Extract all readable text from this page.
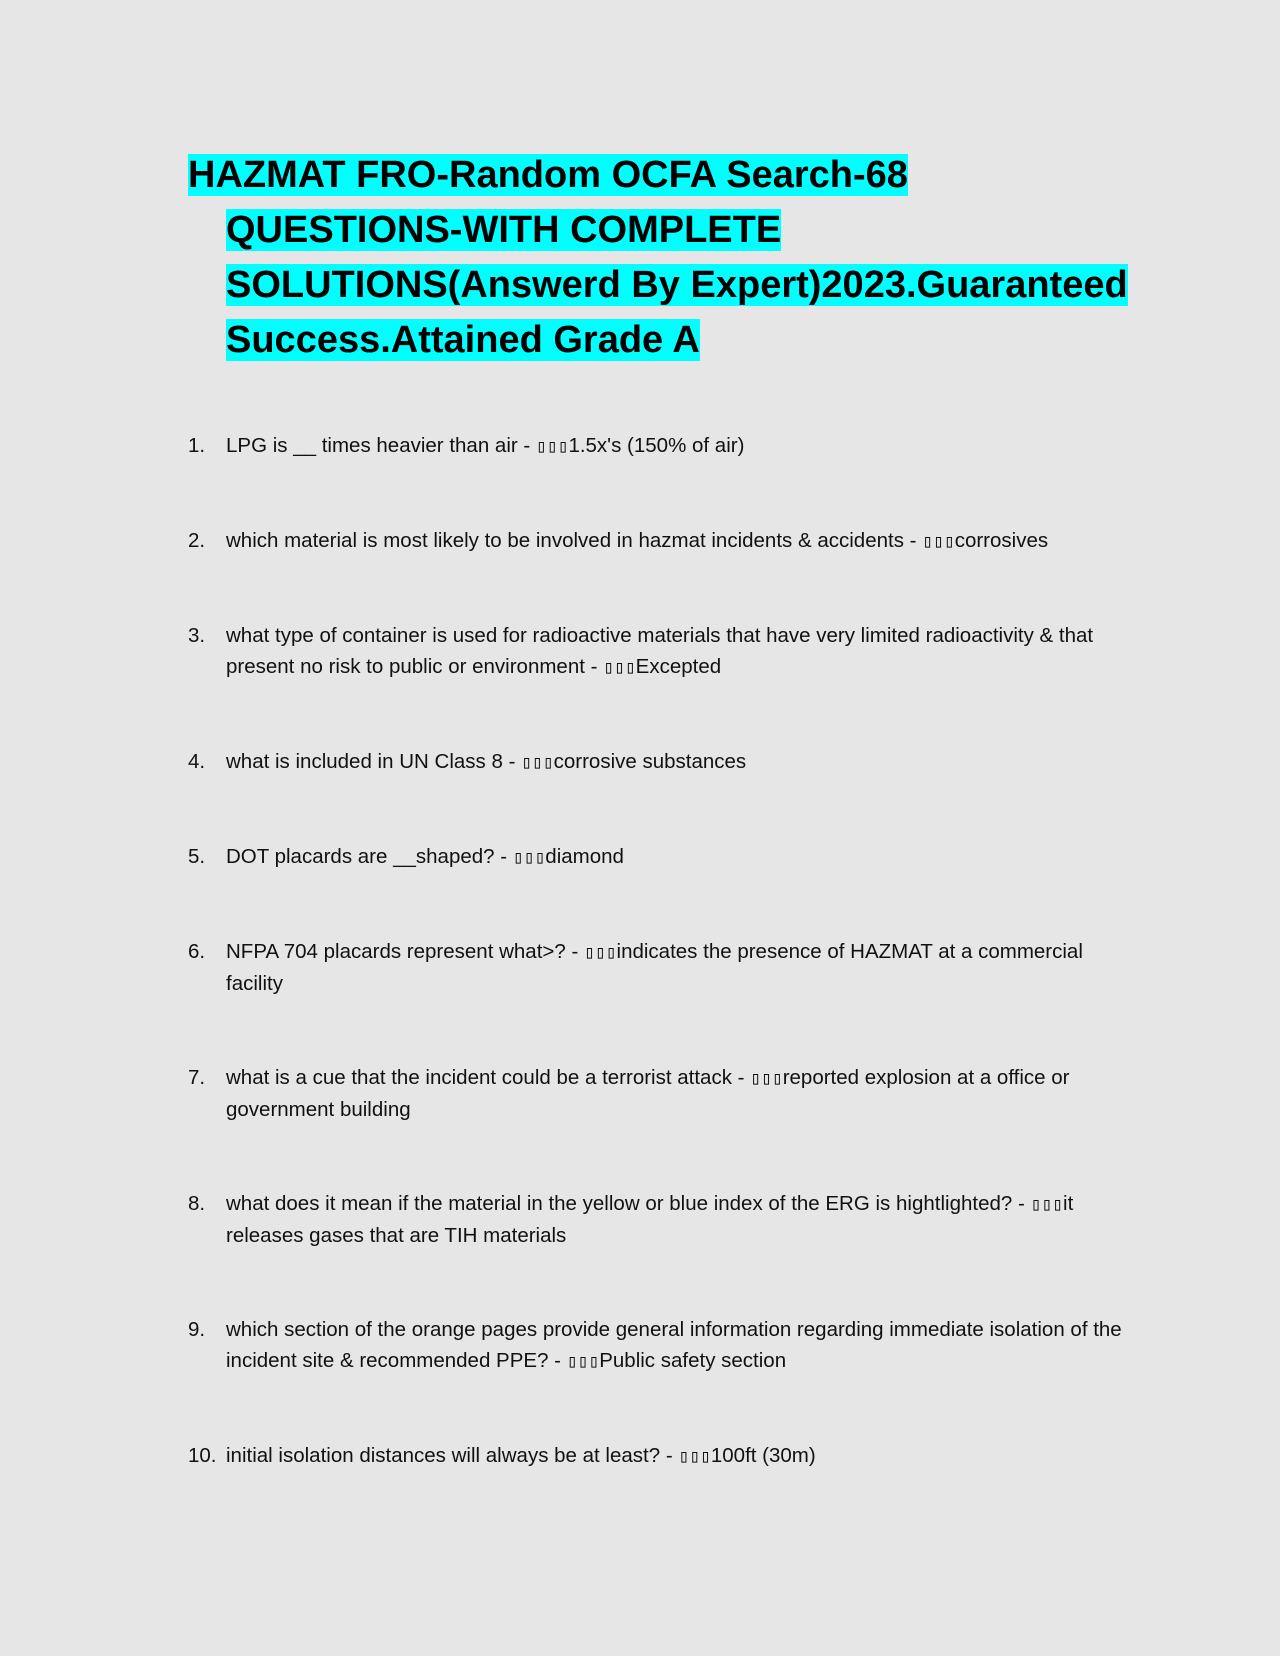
HAZMAT FRO-Random OCFA Search-68 QUESTIONS-WITH COMPLETE SOLUTIONS(Answerd By Expert)2023.Guaranteed Success.Attained Grade A
1. LPG is __ times heavier than air - ▯▯▯1.5x's (150% of air)
2. which material is most likely to be involved in hazmat incidents & accidents - ▯▯▯corrosives
3. what type of container is used for radioactive materials that have very limited radioactivity & that present no risk to public or environment - ▯▯▯Excepted
4. what is included in UN Class 8 - ▯▯▯corrosive substances
5. DOT placards are __shaped? - ▯▯▯diamond
6. NFPA 704 placards represent what>? - ▯▯▯indicates the presence of HAZMAT at a commercial facility
7. what is a cue that the incident could be a terrorist attack - ▯▯▯reported explosion at a office or government building
8. what does it mean if the material in the yellow or blue index of the ERG is hightlighted? - ▯▯▯it releases gases that are TIH materials
9. which section of the orange pages provide general information regarding immediate isolation of the incident site & recommended PPE? - ▯▯▯Public safety section
10. initial isolation distances will always be at least? - ▯▯▯100ft (30m)
